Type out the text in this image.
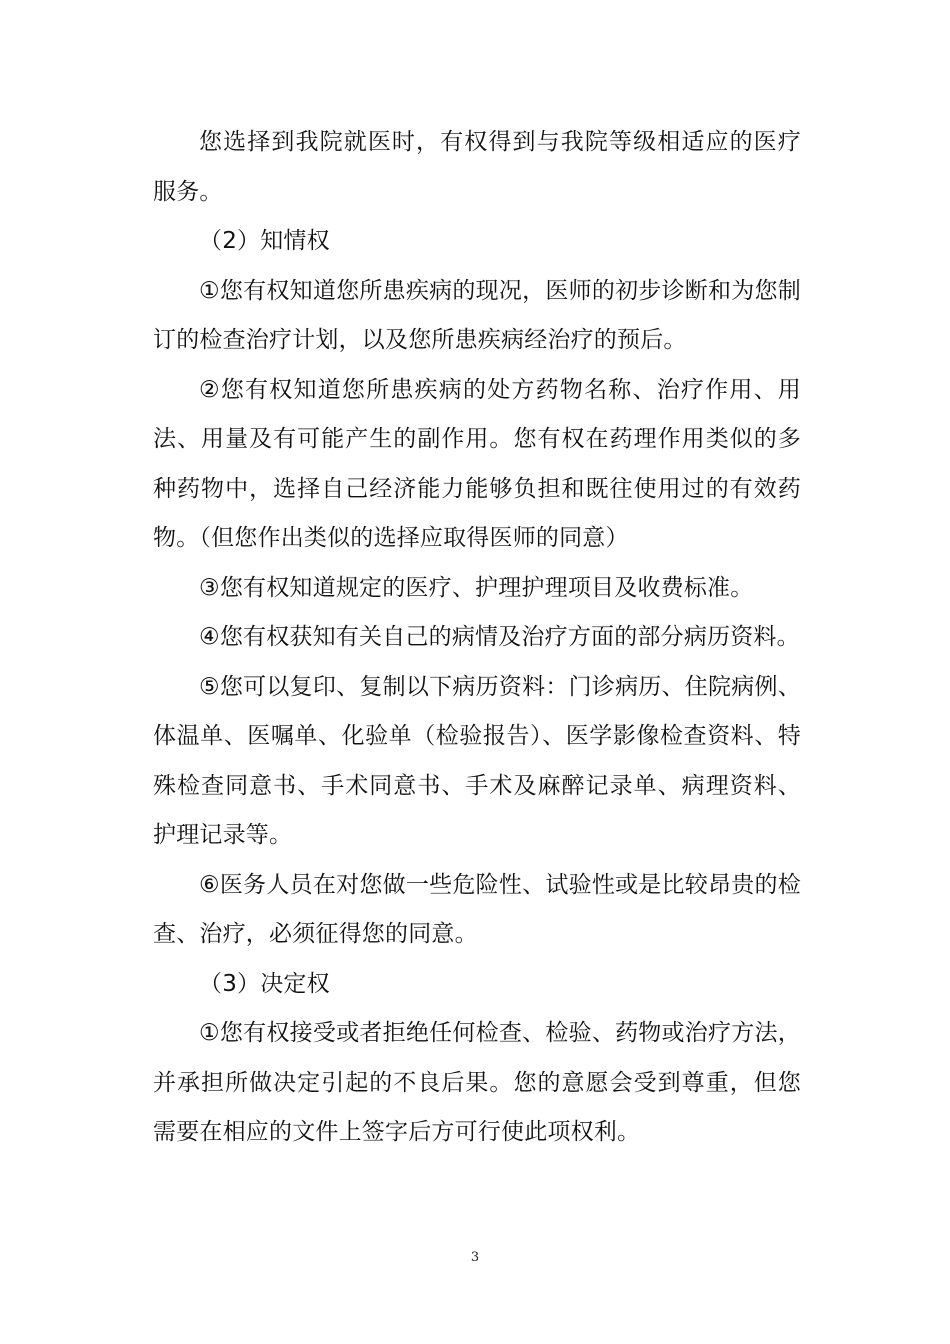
您选择到我院就医时，有权得到与我院等级相适应的医疗服务。

（2）知情权

①您有权知道您所患疾病的现况，医师的初步诊断和为您制订的检查治疗计划，以及您所患疾病经治疗的预后。

②您有权知道您所患疾病的处方药物名称、治疗作用、用法、用量及有可能产生的副作用。您有权在药理作用类似的多种药物中，选择自己经济能力能够负担和既往使用过的有效药物。（但您作出类似的选择应取得医师的同意）

③您有权知道规定的医疗、护理护理项目及收费标准。

④您有权获知有关自己的病情及治疗方面的部分病历资料。

⑤您可以复印、复制以下病历资料：门诊病历、住院病例、体温单、医嘱单、化验单（检验报告）、医学影像检查资料、特殊检查同意书、手术同意书、手术及麻醉记录单、病理资料、护理记录等。

⑥医务人员在对您做一些危险性、试验性或是比较昂贵的检查、治疗，必须征得您的同意。

（3）决定权

①您有权接受或者拒绝任何检查、检验、药物或治疗方法，并承担所做决定引起的不良后果。您的意愿会受到尊重，但您需要在相应的文件上签字后方可行使此项权利。

3
